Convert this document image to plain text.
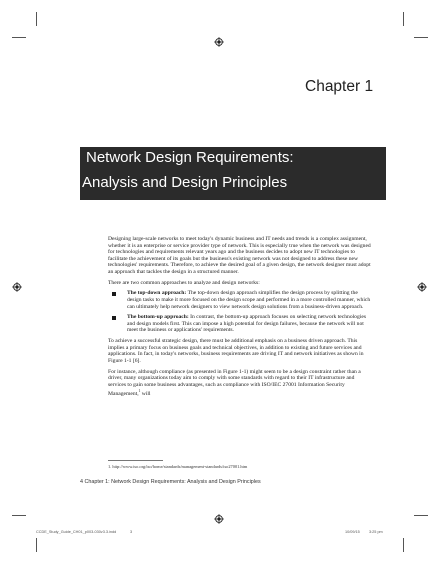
Chapter 1
Network Design Requirements:
Analysis and Design Principles

Designing large-scale networks to meet today's dynamic business and IT needs and trends is a complex assignment, whether it is an enterprise or service provider type of network. This is especially true when the network was designed for technologies and requirements relevant years ago and the business decides to adopt new IT technologies to facilitate the achievement of its goals but the business's existing network was not designed to address these new technologies' requirements. Therefore, to achieve the desired goal of a given design, the network designer must adopt an approach that tackles the design in a structured manner.

There are two common approaches to analyze and design networks:

The top-down approach: The top-down design approach simplifies the design process by splitting the design tasks to make it more focused on the design scope and performed in a more controlled manner, which can ultimately help network designers to view network design solutions from a business-driven approach.
The bottom-up approach: In contrast, the bottom-up approach focuses on selecting network technologies and design models first. This can impose a high potential for design failures, because the network will not meet the business or applications' requirements.

To achieve a successful strategic design, there must be additional emphasis on a business driven approach. This implies a primary focus on business goals and technical objectives, in addition to existing and future services and applications. In fact, in today's networks, business requirements are driving IT and network initiatives as shown in Figure 1-1 [6].

For instance, although compliance (as presented in Figure 1-1) might seem to be a design constraint rather than a driver, many organizations today aim to comply with some standards with regard to their IT infrastructure and services to gain some business advantages, such as compliance with ISO/IEC 27001 Information Security Management,$^1$ will

1. http://www.iso.org/iso/home/standards/management-standards/iso27001.htm
4 Chapter 1: Network Design Requirements: Analysis and Design Principles
CCDE_Study_Guide_CH01_p003-030v3.3.indd	3	10/09/15 3:25 pm
